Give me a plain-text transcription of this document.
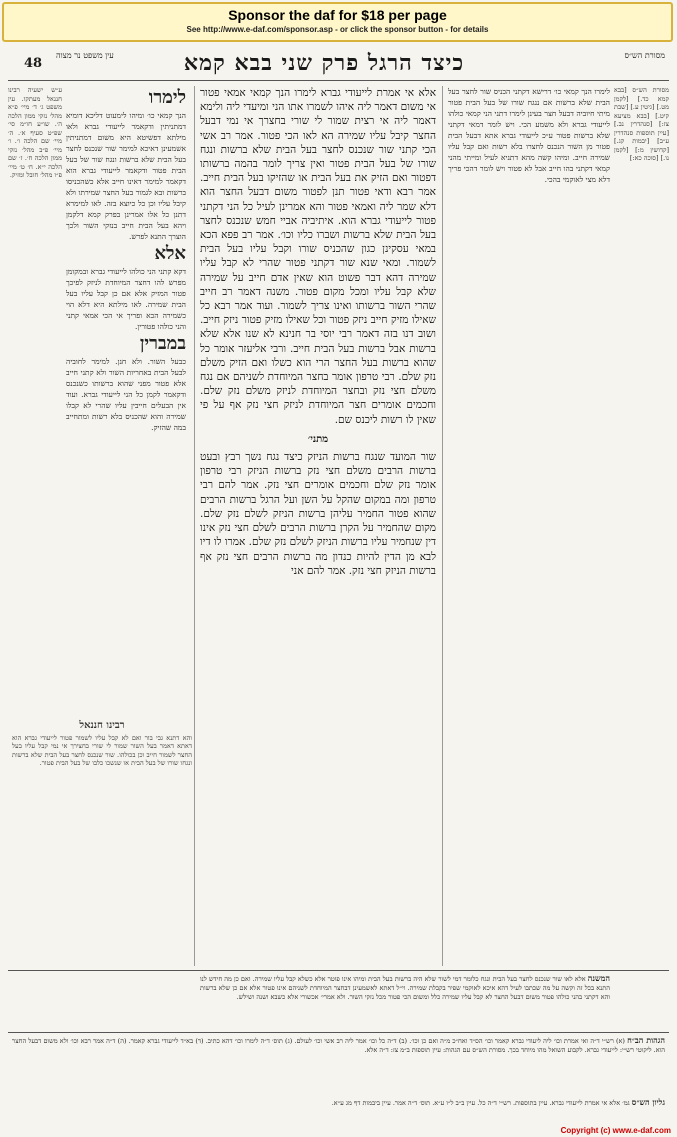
Sponsor the daf for $18 per page
See http://www.e-daf.com/sponsor.asp - or click the sponsor button - for details
48
עין משפט נר מצוה	כיצד הרגל פרק שני בבא קמא	מסורת הש״ס
ע״ש ישעיה רבינו חננאל מעתקו. עין משפט ג׳ ד׳ מיי׳ פ״א מהל׳ נזקי ממון הלכה ה׳. שו״ע חו״מ סי׳ שפ״ט סעיף א׳. ה׳ מיי׳ שם הלכה ו׳. ו׳ מיי׳ פ״ב מהל׳ נזקי ממון הלכה ח׳. ז׳ שם הלכה י״א. ח׳ ט׳ מיי׳ פ״ו מהל׳ חובל ומזיק.
לימרו
הנך קמאי כו׳ ומיהו לימעוט דליכא דומיא דמתניתין ודקאמר לייעודי גברא ולאו מילתא דפשיטא היא משום דמתניתין אשמעינן דאיכא למימר שור שנכנס לחצר בעל הבית שלא ברשות ונגח שור של בעל הבית פטור ודקאמר לייעודי גברא הוא דקאמר למימר דאינו חייב אלא כשהכניסו ברשות ובא לגמור בעל החצר שמירתו ולא קיבל עליו וכן כל כיוצא בזה. לאו למימרא דתנן כל אלו אמרינן בפרק קמא דלקמן ויהא בעל הבית חייב בנזקי השור ולכך הוצרך התנא לפרש.
אלא
דקא קתני הני כולהו לייעודי גברא ובמקומן מפרש להו דחצר המיוחדת לניזק לפיכך פטור המזיק אלא אם כן קבל עליו בעל הבית שמירה. לאו מילתא היא דלא הוי כשמירה הכא ופריך אי הכי אמאי קתני והני כולהו פטורין.
במברין
כבעל השור. ולא חנן. למימר לחוביה לבעל הבית באחריות השור ולא קתני חייב אלא פטור מפני שהוא ברשותו כשנכנס ודקאמר לקמן כל הני לייעודי גברא. ועוד אין הבעלים חייבין עליו שהרי לא קבלו שמירה והוא שהכניס בלא רשות ומתחייב במה שהזיק.
רבינו חננאל
והא דתנא גבי בור ואם לא קבל עליו לשמור פטור לייעודי גברא הוא דאתא דאמר בעל השור שמור לי שורי בחצירך אי נמי קבל עליו בעל החצר לשמור חייב וכן בכולהו. שור שנכנס לחצר בעל הבית שלא ברשות ונגחו שורו של בעל הבית או שנשכו כלבו של בעל הבית פטור.
אלא אי אמרת לייעודי גברא לימרו הנך קמאי אמאי פטור אי משום דאמר ליה איהו לשמרו אתו הני ומיעדי ליה ולימא דאמר ליה אי רצית שמור לי שורי בחצרך אי נמי דבעל החצר קיבל עליו שמירה הא לאו הכי פטור. אמר רב אשי הכי קתני שור שנכנס לחצר בעל הבית שלא ברשות ונגח שורו של בעל הבית פטור ואין צריך לומר בהמה ברשותו דפטור ואם הזיק את בעל הבית או שהזיקו בעל הבית חייב. אמר רבא ודאי פטור תנן לפטור משום דבעל החצר הוא דלא שמר ליה ואמאי פטור והא אמרינן לעיל כל הני דקתני פטור לייעודי גברא הוא. איתיביה אביי חמש שנכנס לחצר בעל הבית שלא ברשות ושברו כליו וכו׳. אמר רב פפא הכא במאי עסקינן כגון שהכניס שורו וקבל עליו בעל הבית לשמור. ומאי שנא שור דקתני פטור שהרי לא קבל עליו שמירה דהא דבר פשוט הוא שאין אדם חייב על שמירה שלא קבל עליו ומכל מקום פטור. משנה דאמר רב חייב שהרי השור ברשותו ואינו צריך לשמור. ועוד אמר רבא כל שאילו מזיק חייב ניזק פטור וכל שאילו מזיק פטור ניזק חייב. ושוב דנו בזה דאמר רבי יוסי בר חנינא לא שנו אלא שלא ברשות אבל ברשות בעל הבית חייב. ורבי אליעזר אומר כל שהוא ברשות בעל החצר הרי הוא כשלו ואם הזיק משלם נזק שלם. רבי טרפון אומר בחצר המיוחדת לשניהם אם נגח משלם חצי נזק ובחצר המיוחדת לניזק משלם נזק שלם. וחכמים אומרים חצר המיוחדת לניזק חצי נזק אף על פי שאין לו רשות ליכנס שם.
מתני׳
שור המועד שנגח ברשות הניזק כיצד נגח נשך רבץ ובעט ברשות הרבים משלם חצי נזק ברשות הניזק רבי טרפון אומר נזק שלם וחכמים אומרים חצי נזק. אמר להם רבי טרפון ומה במקום שהקל על השן ועל הרגל ברשות הרבים שהוא פטור החמיר עליהן ברשות הניזק לשלם נזק שלם. מקום שהחמיר על הקרן ברשות הרבים לשלם חצי נזק אינו דין שנחמיר עליו ברשות הניזק לשלם נזק שלם. אמרו לו דיו לבא מן הדין להיות כנדון מה ברשות הרבים חצי נזק אף ברשות הניזק חצי נזק. אמר להם אני
לימרו הנך קמאי כו׳ דרישא דקתני הכניס שור לחצר בעל הבית שלא ברשות אם ננגח שורו של בעל הבית פטור מיתי חיוביה דבעל חצר בעינן לימרו דתני הני קמאי כולהו לייעודי גברא ולא משמע הכי. ויש לומר דמאי דקתני שלא ברשות פטור ע״כ לייעודי גברא אתא דבעל הבית פטור מן השור הנכנס לחצרו בלא רשות ואם קבל עליו שמירה חייב. ומיהו קשה מהא דתניא לעיל ומייתי מהני קמאי דקתני בהו חייב אבל לא פטור ויש לומר דהכי פריך דלא מצי לאוקמי בהכי.
מסורת הש״ס [בבא קמא כד.] [לקמן מט.] [גיטין ע.] [שבת קיט.] [בבא מציעא צז:] [סנהדרין נב.] [עיין תוספות סנהדרין ע״ב] [יבמות קג.] [קדושין מ:] [לקמן נו.] [סוכה כא:]
המשנה אלא לאו שור שנכנס לחצר בעל הבית ונגח כלומר דמי לשור שלא היה ברשות בעל הבית ומיהו אינו פוטר אלא כשלא קבל עליו שמירה. ואם כן מה חידש לנו התנא בכל זה וקשה על מה שכתבו לעיל דהא איכא לאוקמי שפיר בקבלת שמירה. וי״ל דאתא לאשמעינן דבחצר המיוחדת לשניהם אינו פטור אלא אם כן שלא ברשות והא דקתני בהני כולהו פטור משום דבעל החצר לא קבל עליו שמירה כלל ומשום הכי פטור מכל נזקי השור. ולא אמרי׳ אכשורי אלא כשבא ושנה ושילש.
הגהות הב״ח (א) רש״י ד״ה ואי אמרת וכו׳ ליה ליעודי גברא קאמר וכו׳ הס״ד ואח״כ מ״ה ואם כן וכו׳. (ב) ד״ה כל וכו׳ אמר ליה רב אשי וכו׳ לעולם. (ג) תוס׳ ד״ה לימרו וכו׳ דהא כתיב. (ד) בא״ד לייעודי גברא קאמר. (ה) ד״ה אמר רבא וכו׳ ולא משום דבעל החצר הוא. ליקוטי רש״י: לייעודי גברא. לקבוע השואל מהו מיוחד בכך. מסורת הש״ס עם הגהות: עיין תוספות ב״מ צז: ד״ה אלא.
גליון הש״ס גמ׳ אלא אי אמרת לייעודי גברא. עיין בתוספות. רש״י ד״ה כל. עיין ב״ב ל״ו ע״א. תוס׳ ד״ה אמר. עיין ביבמות דף מג ע״א.
Copyright (c) www.e-daf.com
